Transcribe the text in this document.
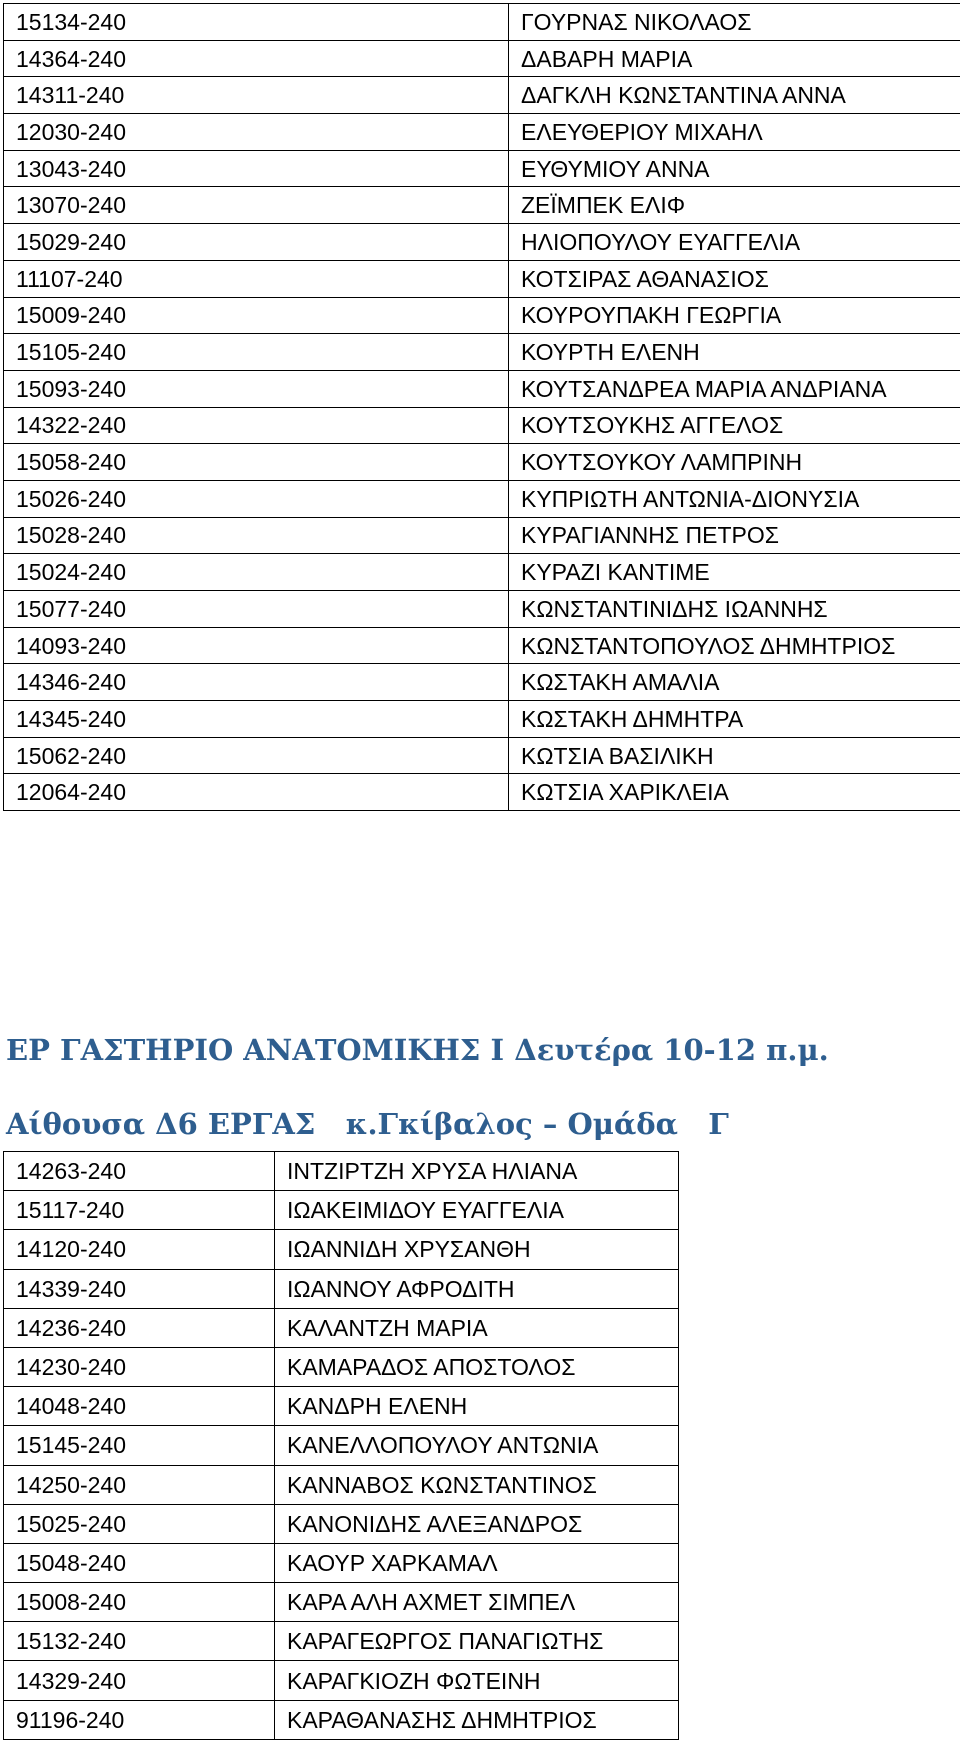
15134-240	ΓΟΥΡΝΑΣ ΝΙΚΟΛΑΟΣ
14364-240	ΔΑΒΑΡΗ ΜΑΡΙΑ
14311-240	ΔΑΓΚΛΗ ΚΩΝΣΤΑΝΤΙΝΑ ΑΝΝΑ
12030-240	ΕΛΕΥΘΕΡΙΟΥ ΜΙΧΑΗΛ
13043-240	ΕΥΘΥΜΙΟΥ ΑΝΝΑ
13070-240	ΖΕΪΜΠΕΚ ΕΛΙΦ
15029-240	ΗΛΙΟΠΟΥΛΟΥ ΕΥΑΓΓΕΛΙΑ
11107-240	ΚΟΤΣΙΡΑΣ ΑΘΑΝΑΣΙΟΣ
15009-240	ΚΟΥΡΟΥΠΑΚΗ ΓΕΩΡΓΙΑ
15105-240	ΚΟΥΡΤΗ ΕΛΕΝΗ
15093-240	ΚΟΥΤΣΑΝΔΡΕΑ ΜΑΡΙΑ ΑΝΔΡΙΑΝΑ
14322-240	ΚΟΥΤΣΟΥΚΗΣ ΑΓΓΕΛΟΣ
15058-240	ΚΟΥΤΣΟΥΚΟΥ ΛΑΜΠΡΙΝΗ
15026-240	ΚΥΠΡΙΩΤΗ ΑΝΤΩΝΙΑ-ΔΙΟΝΥΣΙΑ
15028-240	ΚΥΡΑΓΙΑΝΝΗΣ ΠΕΤΡΟΣ
15024-240	ΚΥΡΑΖΙ ΚΑΝΤΙΜΕ
15077-240	ΚΩΝΣΤΑΝΤΙΝΙΔΗΣ ΙΩΑΝΝΗΣ
14093-240	ΚΩΝΣΤΑΝΤΟΠΟΥΛΟΣ ΔΗΜΗΤΡΙΟΣ
14346-240	ΚΩΣΤΑΚΗ ΑΜΑΛΙΑ
14345-240	ΚΩΣΤΑΚΗ ΔΗΜΗΤΡΑ
15062-240	ΚΩΤΣΙΑ ΒΑΣΙΛΙΚΗ
12064-240	ΚΩΤΣΙΑ ΧΑΡΙΚΛΕΙΑ
ΕΡ ΓΑΣΤΗΡΙΟ ΑΝΑΤΟΜΙΚΗΣ Ι Δευτέρα 10-12 π.μ.
Αίθουσα Δ6 ΕΡΓΑΣ   κ.Γκίβαλος – Ομάδα   Γ
14263-240	ΙΝΤΖΙΡΤΖΗ ΧΡΥΣΑ ΗΛΙΑΝΑ
15117-240	ΙΩΑΚΕΙΜΙΔΟΥ ΕΥΑΓΓΕΛΙΑ
14120-240	ΙΩΑΝΝΙΔΗ ΧΡΥΣΑΝΘΗ
14339-240	ΙΩΑΝΝΟΥ ΑΦΡΟΔΙΤΗ
14236-240	ΚΑΛΑΝΤΖΗ ΜΑΡΙΑ
14230-240	ΚΑΜΑΡΑΔΟΣ ΑΠΟΣΤΟΛΟΣ
14048-240	ΚΑΝΔΡΗ ΕΛΕΝΗ
15145-240	ΚΑΝΕΛΛΟΠΟΥΛΟΥ ΑΝΤΩΝΙΑ
14250-240	ΚΑΝΝΑΒΟΣ ΚΩΝΣΤΑΝΤΙΝΟΣ
15025-240	ΚΑΝΟΝΙΔΗΣ ΑΛΕΞΑΝΔΡΟΣ
15048-240	ΚΑΟΥΡ ΧΑΡΚΑΜΑΛ
15008-240	ΚΑΡΑ ΑΛΗ ΑΧΜΕΤ ΣΙΜΠΕΛ
15132-240	ΚΑΡΑΓΕΩΡΓΟΣ ΠΑΝΑΓΙΩΤΗΣ
14329-240	ΚΑΡΑΓΚΙΟΖΗ ΦΩΤΕΙΝΗ
91196-240	ΚΑΡΑΘΑΝΑΣΗΣ ΔΗΜΗΤΡΙΟΣ
